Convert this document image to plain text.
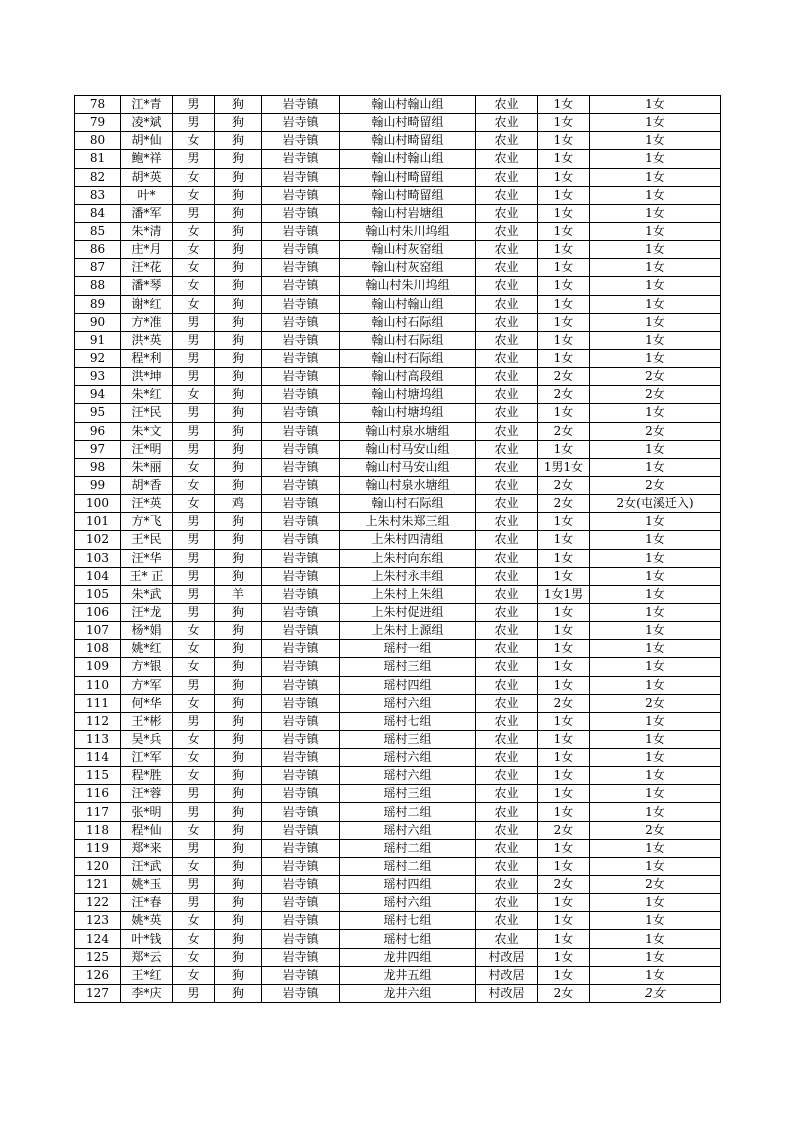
78	江*青	男	狗	岩寺镇	翰山村翰山组	农业	1女	1女
79	凌*斌	男	狗	岩寺镇	翰山村畸留组	农业	1女	1女
80	胡*仙	女	狗	岩寺镇	翰山村畸留组	农业	1女	1女
81	鲍*祥	男	狗	岩寺镇	翰山村翰山组	农业	1女	1女
82	胡*英	女	狗	岩寺镇	翰山村畸留组	农业	1女	1女
83	叶*	女	狗	岩寺镇	翰山村畸留组	农业	1女	1女
84	潘*军	男	狗	岩寺镇	翰山村岩塘组	农业	1女	1女
85	朱*清	女	狗	岩寺镇	翰山村朱川坞组	农业	1女	1女
86	庄*月	女	狗	岩寺镇	翰山村灰窑组	农业	1女	1女
87	汪*花	女	狗	岩寺镇	翰山村灰窑组	农业	1女	1女
88	潘*琴	女	狗	岩寺镇	翰山村朱川坞组	农业	1女	1女
89	谢*红	女	狗	岩寺镇	翰山村翰山组	农业	1女	1女
90	方*准	男	狗	岩寺镇	翰山村石际组	农业	1女	1女
91	洪*英	男	狗	岩寺镇	翰山村石际组	农业	1女	1女
92	程*利	男	狗	岩寺镇	翰山村石际组	农业	1女	1女
93	洪*坤	男	狗	岩寺镇	翰山村高段组	农业	2女	2女
94	朱*红	女	狗	岩寺镇	翰山村塘坞组	农业	2女	2女
95	汪*民	男	狗	岩寺镇	翰山村塘坞组	农业	1女	1女
96	朱*文	男	狗	岩寺镇	翰山村泉水塘组	农业	2女	2女
97	汪*明	男	狗	岩寺镇	翰山村马安山组	农业	1女	1女
98	朱*丽	女	狗	岩寺镇	翰山村马安山组	农业	1男1女	1女
99	胡*香	女	狗	岩寺镇	翰山村泉水塘组	农业	2女	2女
100	汪*英	女	鸡	岩寺镇	翰山村石际组	农业	2女	2女(屯溪迁入)
101	方*飞	男	狗	岩寺镇	上朱村朱郑三组	农业	1女	1女
102	王*民	男	狗	岩寺镇	上朱村四清组	农业	1女	1女
103	汪*华	男	狗	岩寺镇	上朱村向东组	农业	1女	1女
104	王* 正	男	狗	岩寺镇	上朱村永丰组	农业	1女	1女
105	朱*武	男	羊	岩寺镇	上朱村上朱组	农业	1女1男	1女
106	汪*龙	男	狗	岩寺镇	上朱村促进组	农业	1女	1女
107	杨*娟	女	狗	岩寺镇	上朱村上源组	农业	1女	1女
108	姚*红	女	狗	岩寺镇	瑶村一组	农业	1女	1女
109	方*银	女	狗	岩寺镇	瑶村三组	农业	1女	1女
110	方*军	男	狗	岩寺镇	瑶村四组	农业	1女	1女
111	何*华	女	狗	岩寺镇	瑶村六组	农业	2女	2女
112	王*彬	男	狗	岩寺镇	瑶村七组	农业	1女	1女
113	吴*兵	女	狗	岩寺镇	瑶村三组	农业	1女	1女
114	江*军	女	狗	岩寺镇	瑶村六组	农业	1女	1女
115	程*胜	女	狗	岩寺镇	瑶村六组	农业	1女	1女
116	汪*蓉	男	狗	岩寺镇	瑶村三组	农业	1女	1女
117	张*明	男	狗	岩寺镇	瑶村二组	农业	1女	1女
118	程*仙	女	狗	岩寺镇	瑶村六组	农业	2女	2女
119	郑*来	男	狗	岩寺镇	瑶村二组	农业	1女	1女
120	汪*武	女	狗	岩寺镇	瑶村二组	农业	1女	1女
121	姚*玉	男	狗	岩寺镇	瑶村四组	农业	2女	2女
122	汪*春	男	狗	岩寺镇	瑶村六组	农业	1女	1女
123	姚*英	女	狗	岩寺镇	瑶村七组	农业	1女	1女
124	叶*钱	女	狗	岩寺镇	瑶村七组	农业	1女	1女
125	郑*云	女	狗	岩寺镇	龙井四组	村改居	1女	1女
126	王*红	女	狗	岩寺镇	龙井五组	村改居	1女	1女
127	李*庆	男	狗	岩寺镇	龙井六组	村改居	2女	2女
